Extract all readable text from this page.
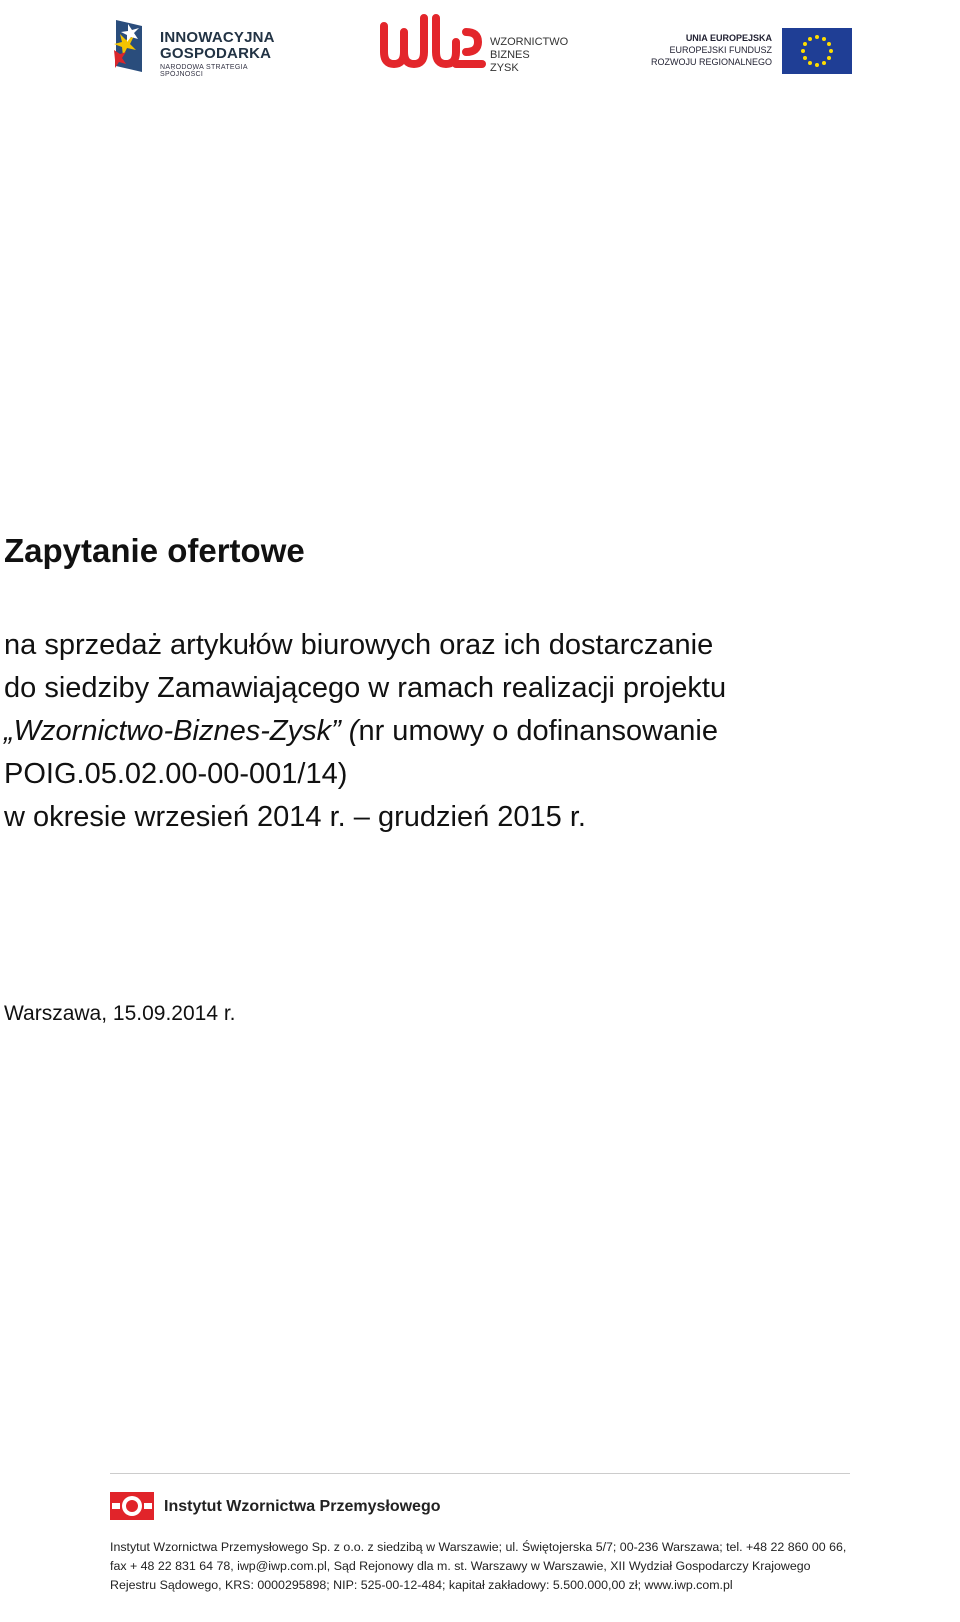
INNOWACYJNA
GOSPODARKA
NARODOWA STRATEGIA SPÓJNOŚCI
WZORNICTWO
BIZNES
ZYSK
UNIA EUROPEJSKA
EUROPEJSKI FUNDUSZ
ROZWOJU REGIONALNEGO
Zapytanie ofertowe

na sprzedaż artykułów biurowych oraz ich dostarczanie
do siedziby Zamawiającego w ramach realizacji projektu
„Wzornictwo-Biznes-Zysk” (nr umowy o dofinansowanie
POIG.05.02.00-00-001/14)
w okresie wrzesień 2014 r. – grudzień 2015 r.

Warszawa, 15.09.2014 r.
Instytut Wzornictwa Przemysłowego
Instytut Wzornictwa Przemysłowego Sp. z o.o. z siedzibą w Warszawie; ul. Świętojerska 5/7; 00-236 Warszawa; tel. +48 22 860 00 66,
fax + 48 22 831 64 78, iwp@iwp.com.pl, Sąd Rejonowy dla m. st. Warszawy w Warszawie, XII Wydział Gospodarczy Krajowego
Rejestru Sądowego, KRS: 0000295898; NIP: 525-00-12-484; kapitał zakładowy: 5.500.000,00 zł; www.iwp.com.pl
